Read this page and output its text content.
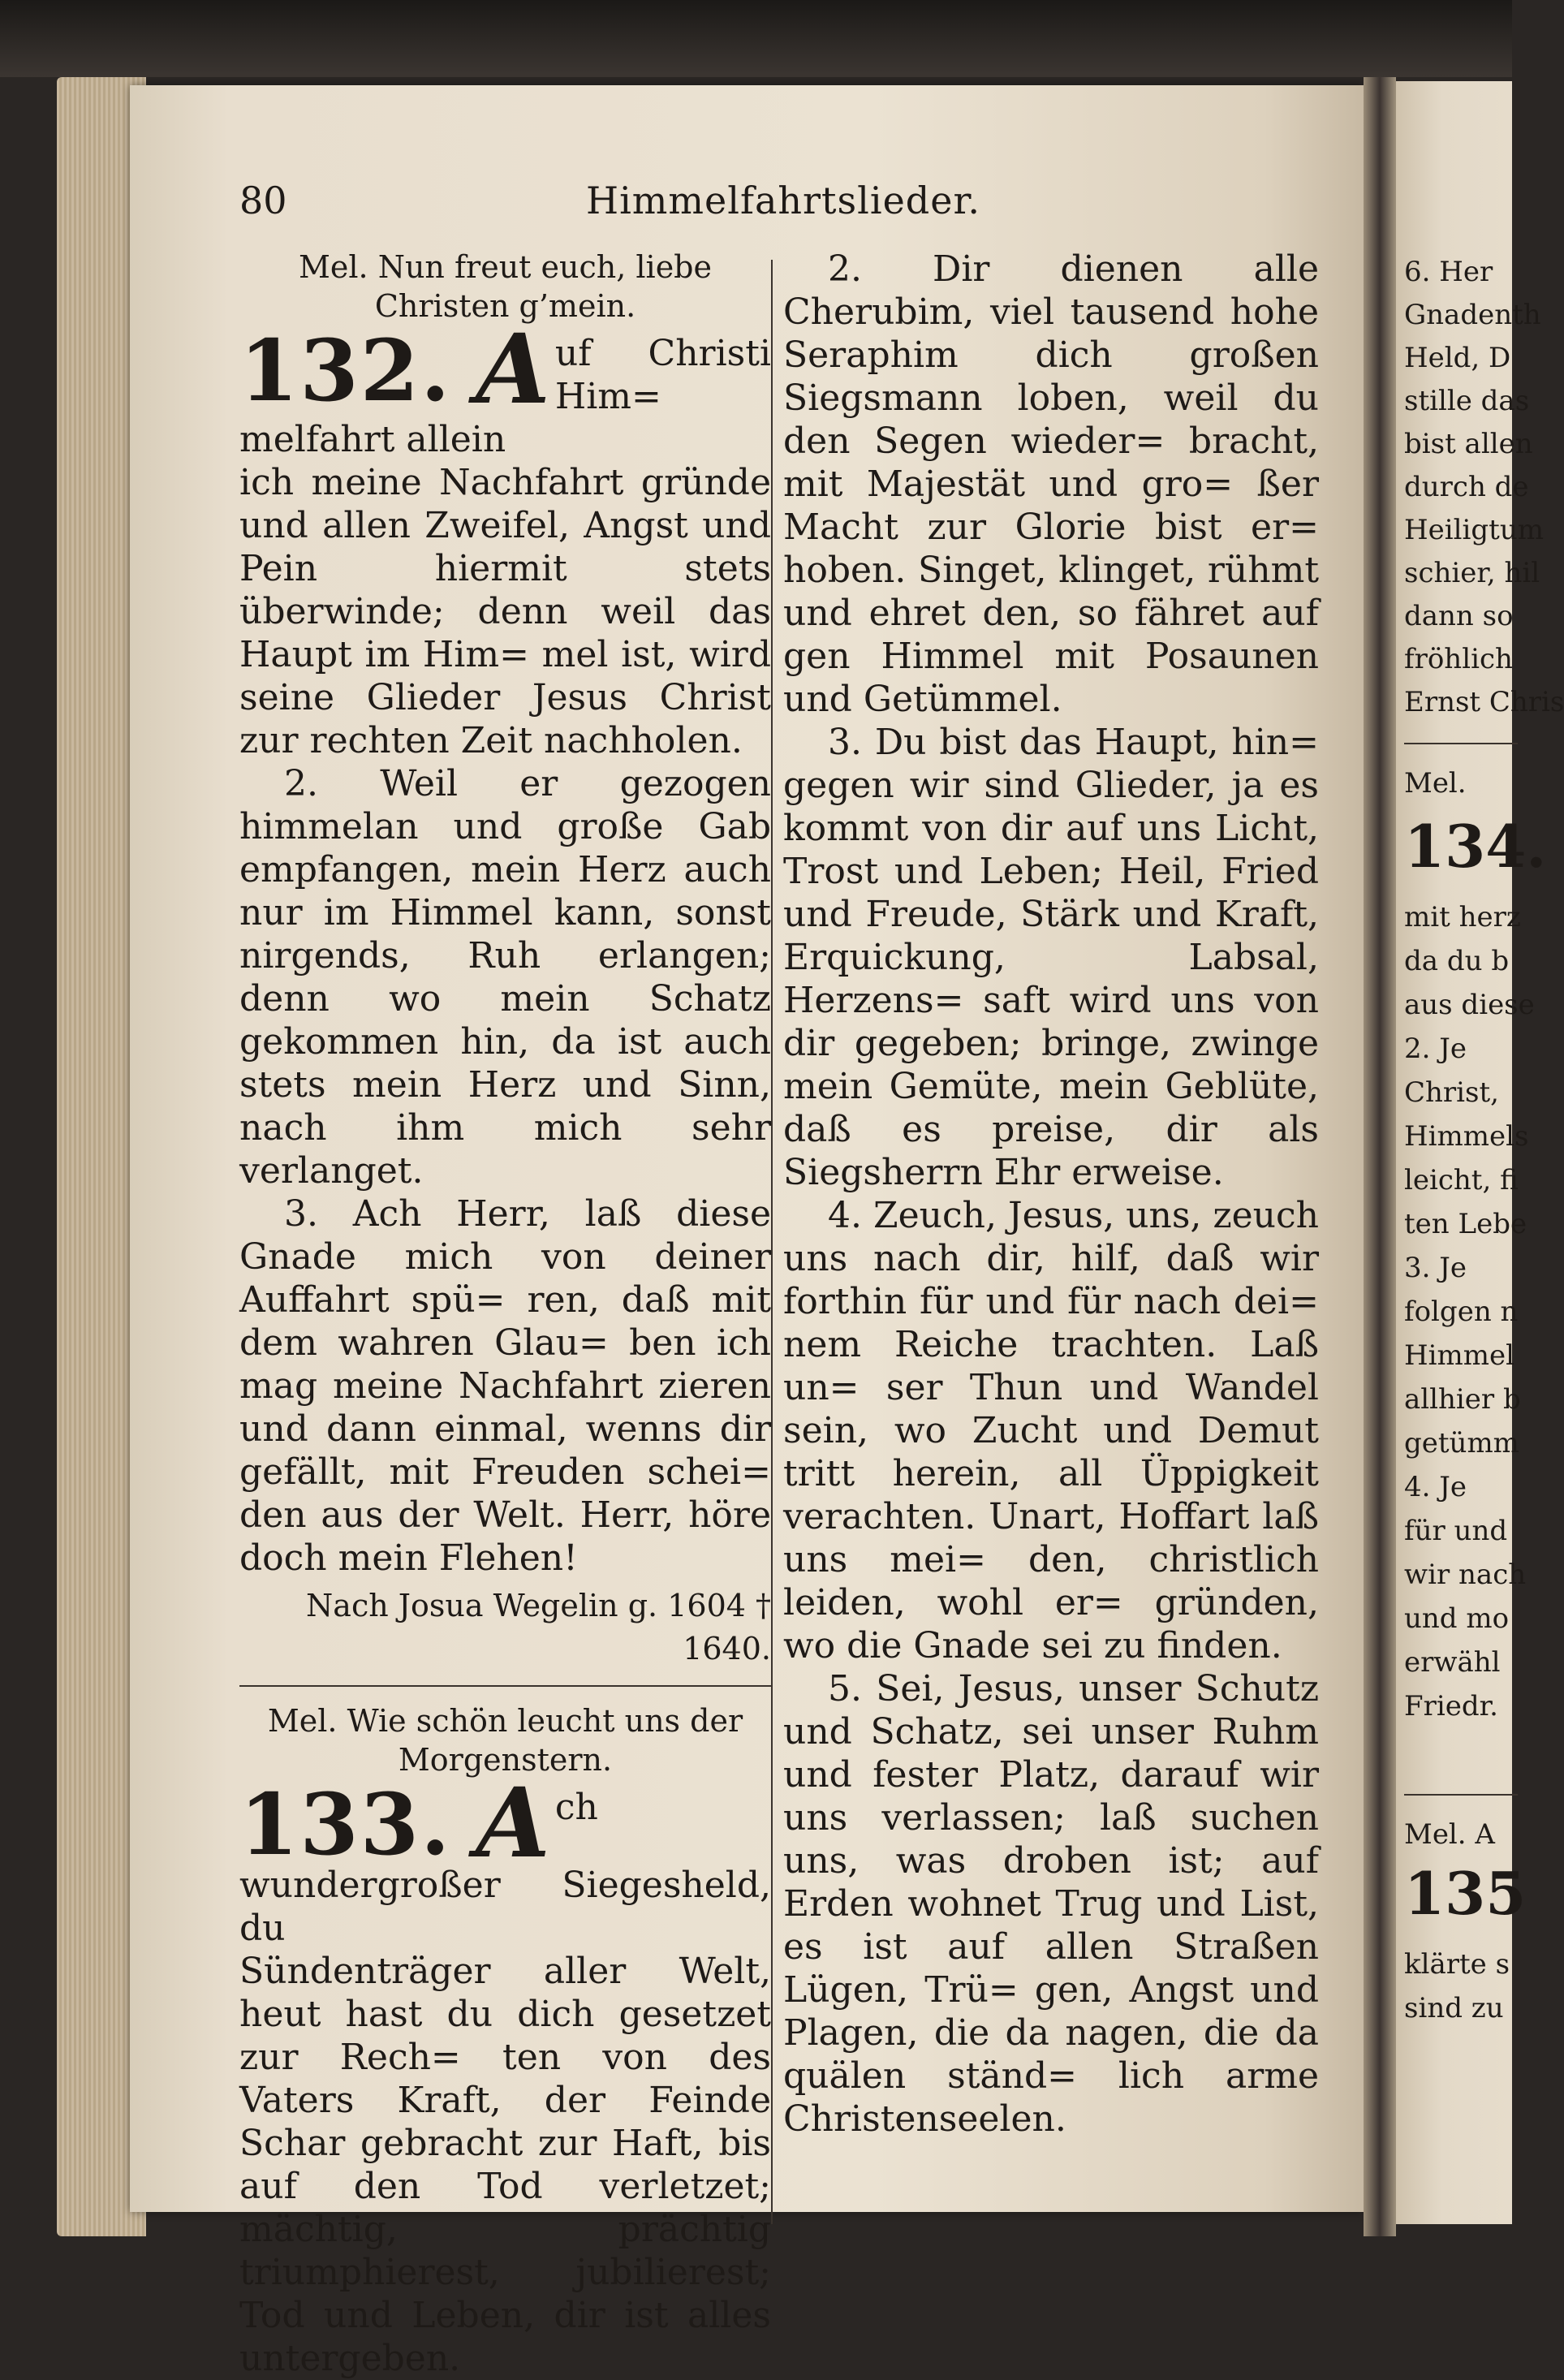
80	Himmelfahrtslieder.
Mel. Nun freut euch, liebe Christen g’mein.
132. A uf Christi Him= melfahrt allein

ich meine Nachfahrt gründe und allen Zweifel, Angst und Pein hiermit stets überwinde; denn weil das Haupt im Him= mel ist, wird seine Glieder Jesus Christ zur rechten Zeit nachholen.

2. Weil er gezogen himmelan und große Gab empfangen, mein Herz auch nur im Himmel kann, sonst nirgends, Ruh erlangen; denn wo mein Schatz gekommen hin, da ist auch stets mein Herz und Sinn, nach ihm mich sehr verlanget.

3. Ach Herr, laß diese Gnade mich von deiner Auffahrt spü= ren, daß mit dem wahren Glau= ben ich mag meine Nachfahrt zieren und dann einmal, wenns dir gefällt, mit Freuden schei= den aus der Welt. Herr, höre doch mein Flehen!

Nach Josua Wegelin g. 1604 † 1640.
Mel. Wie schön leucht uns der Morgenstern.
133. A ch wundergroßer Siegesheld, du

Sündenträger aller Welt, heut hast du dich gesetzet zur Rech= ten von des Vaters Kraft, der Feinde Schar gebracht zur Haft, bis auf den Tod verletzet; mächtig, prächtig triumphierest, jubilierest; Tod und Leben, dir ist alles untergeben.

2. Dir dienen alle Cherubim, viel tausend hohe Seraphim dich großen Siegsmann loben, weil du den Segen wieder= bracht, mit Majestät und gro= ßer Macht zur Glorie bist er= hoben. Singet, klinget, rühmt und ehret den, so fähret auf gen Himmel mit Posaunen und Getümmel.

3. Du bist das Haupt, hin= gegen wir sind Glieder, ja es kommt von dir auf uns Licht, Trost und Leben; Heil, Fried und Freude, Stärk und Kraft, Erquickung, Labsal, Herzens= saft wird uns von dir gegeben; bringe, zwinge mein Gemüte, mein Geblüte, daß es preise, dir als Siegsherrn Ehr erweise.

4. Zeuch, Jesus, uns, zeuch uns nach dir, hilf, daß wir forthin für und für nach dei= nem Reiche trachten. Laß un= ser Thun und Wandel sein, wo Zucht und Demut tritt herein, all Üppigkeit verachten. Unart, Hoffart laß uns mei= den, christlich leiden, wohl er= gründen, wo die Gnade sei zu finden.

5. Sei, Jesus, unser Schutz und Schatz, sei unser Ruhm und fester Platz, darauf wir uns verlassen; laß suchen uns, was droben ist; auf Erden wohnet Trug und List, es ist auf allen Straßen Lügen, Trü= gen, Angst und Plagen, die da nagen, die da quälen ständ= lich arme Christenseelen.

6. Her
Gnadenth
Held, D
stille das
bist allen
durch de
Heiligtum
schier, hil
dann so
fröhlich
Ernst Chris
Mel.
134.
mit herz
da du b
aus diese
2. Je
Christ,
Himmels
leicht, fi
ten Lebe
3. Je
folgen n
Himmel
allhier b
getümm
4. Je
für und
wir nach
und mo
erwähl
Friedr.
Mel. A
135
klärte s
sind zu
